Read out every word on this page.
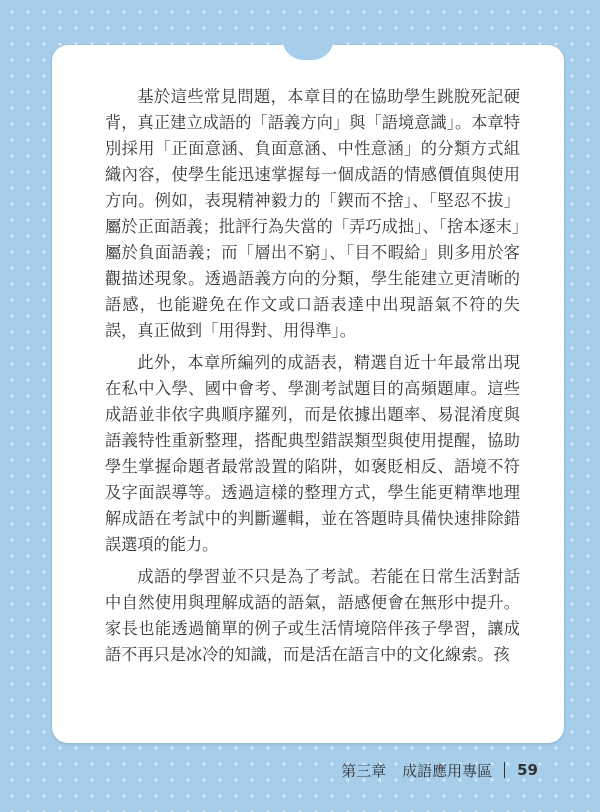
基於這些常見問題，本章目的在協助學生跳脫死記硬背，真正建立成語的「語義方向」與「語境意識」。本章特別採用「正面意涵、負面意涵、中性意涵」的分類方式組織內容，使學生能迅速掌握每一個成語的情感價值與使用方向。例如，表現精神毅力的「鍥而不捨」、「堅忍不拔」屬於正面語義；批評行為失當的「弄巧成拙」、「捨本逐末」屬於負面語義；而「層出不窮」、「目不暇給」則多用於客觀描述現象。透過語義方向的分類，學生能建立更清晰的語感，也能避免在作文或口語表達中出現語氣不符的失誤，真正做到「用得對、用得準」。

此外，本章所編列的成語表，精選自近十年最常出現在私中入學、國中會考、學測考試題目的高頻題庫。這些成語並非依字典順序羅列，而是依據出題率、易混淆度與語義特性重新整理，搭配典型錯誤類型與使用提醒，協助學生掌握命題者最常設置的陷阱，如褒貶相反、語境不符及字面誤導等。透過這樣的整理方式，學生能更精準地理解成語在考試中的判斷邏輯，並在答題時具備快速排除錯誤選項的能力。

成語的學習並不只是為了考試。若能在日常生活對話中自然使用與理解成語的語氣，語感便會在無形中提升。家長也能透過簡單的例子或生活情境陪伴孩子學習，讓成語不再只是冰冷的知識，而是活在語言中的文化線索。孩

第三章 成語應用專區 59
